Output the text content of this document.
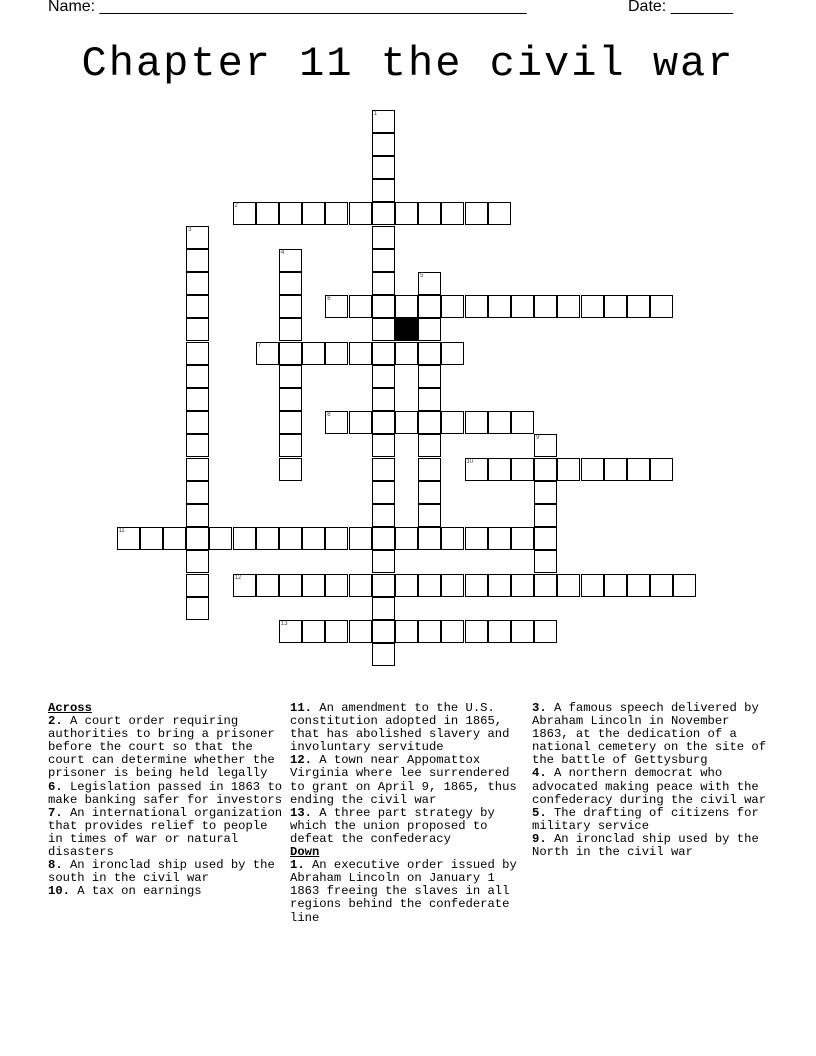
Name: ________________________________________________	Date: _______
Chapter 11 the civil war
1
2
3
4
5
6
7
8
9
10
11
12
13

Across

2. A court order requiring authorities to bring a prisoner before the court so that the court can determine whether the prisoner is being held legally

6. Legislation passed in 1863 to make banking safer for investors

7. An international organization that provides relief to people in times of war or natural disasters

8. An ironclad ship used by the south in the civil war

10. A tax on earnings

11. An amendment to the U.S. constitution adopted in 1865, that has abolished slavery and involuntary servitude

12. A town near Appomattox Virginia where lee surrendered to grant on April 9, 1865, thus ending the civil war

13. A three part strategy by which the union proposed to defeat the confederacy

Down

1. An executive order issued by Abraham Lincoln on January 1 1863 freeing the slaves in all regions behind the confederate line

3. A famous speech delivered by Abraham Lincoln in November 1863, at the dedication of a national cemetery on the site of the battle of Gettysburg

4. A northern democrat who advocated making peace with the confederacy during the civil war

5. The drafting of citizens for military service

9. An ironclad ship used by the North in the civil war
